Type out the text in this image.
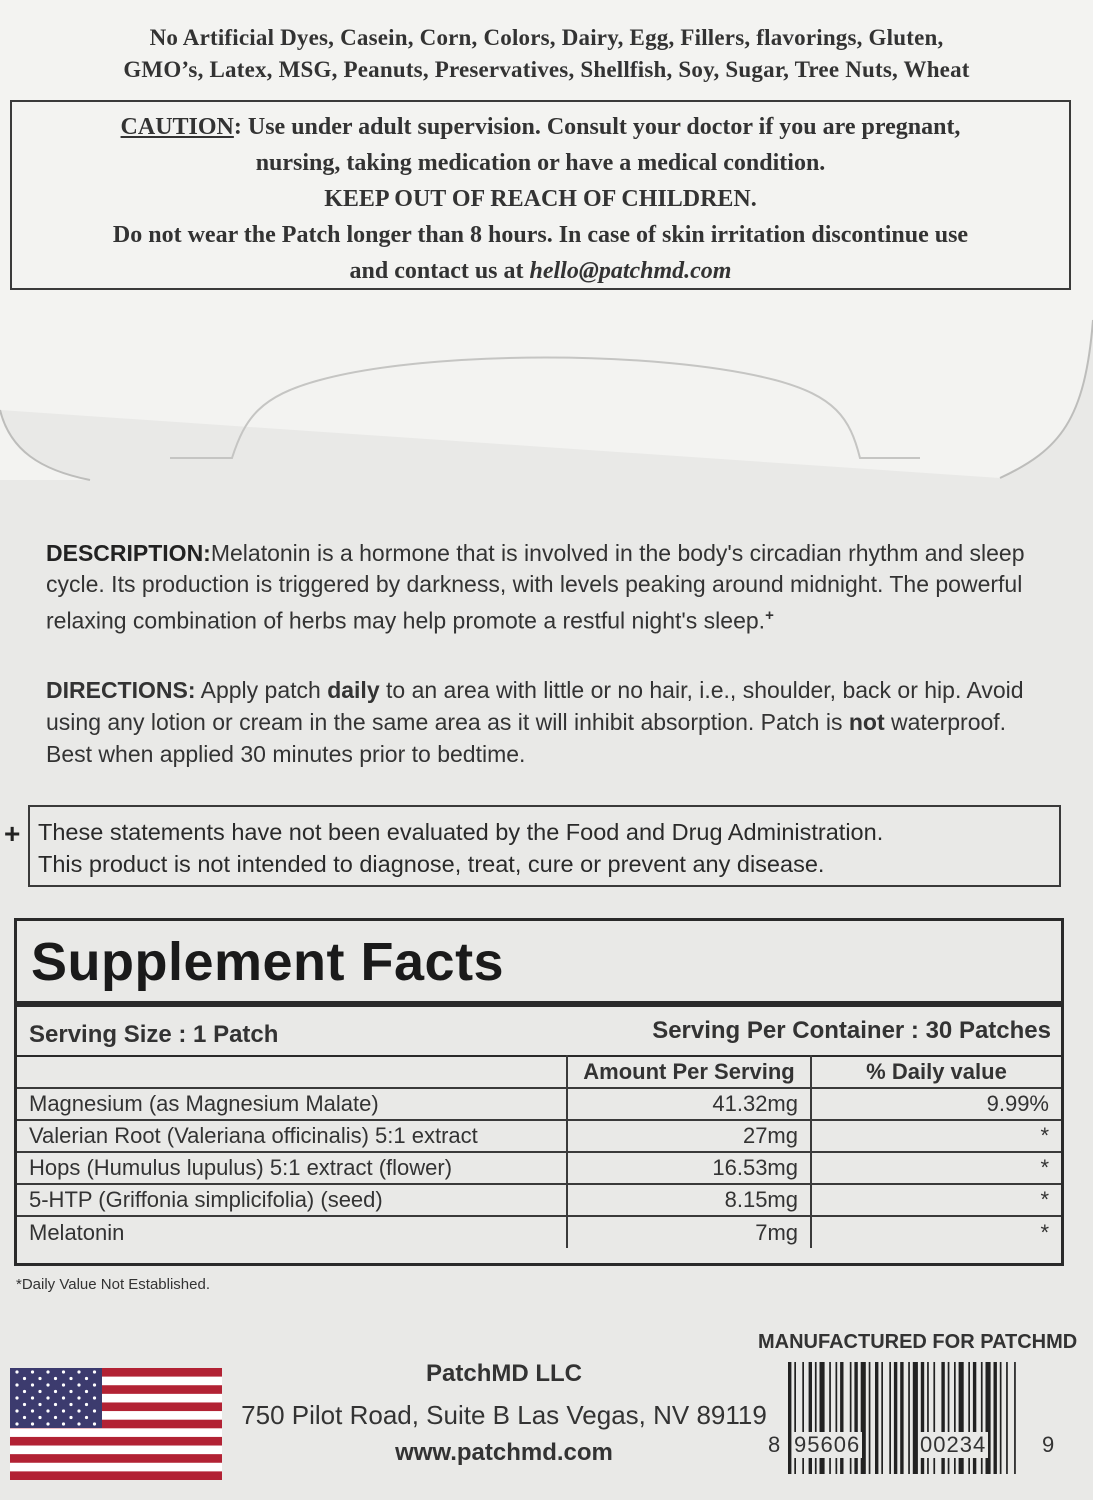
No Artificial Dyes, Casein, Corn, Colors, Dairy, Egg, Fillers, flavorings, Gluten,
GMO’s, Latex, MSG, Peanuts, Preservatives, Shellfish, Soy, Sugar, Tree Nuts, Wheat
CAUTION: Use under adult supervision. Consult your doctor if you are pregnant,
nursing, taking medication or have a medical condition.
KEEP OUT OF REACH OF CHILDREN.
Do not wear the Patch longer than 8 hours. In case of skin irritation discontinue use
and contact us at hello@patchmd.com
DESCRIPTION:Melatonin is a hormone that is involved in the body's circadian rhythm and sleep cycle. Its production is triggered by darkness, with levels peaking around midnight. The powerful relaxing combination of herbs may help promote a restful night's sleep.+
DIRECTIONS: Apply patch daily to an area with little or no hair, i.e., shoulder, back or hip. Avoid using any lotion or cream in the same area as it will inhibit absorption. Patch is not waterproof. Best when applied 30 minutes prior to bedtime.
+ These statements have not been evaluated by the Food and Drug Administration.
This product is not intended to diagnose, treat, cure or prevent any disease.
Supplement Facts
Serving Size : 1 Patch	Serving Per Container : 30 Patches
	Amount Per Serving	% Daily value
Magnesium (as Magnesium Malate)	41.32mg	9.99%
Valerian Root (Valeriana officinalis) 5:1 extract	27mg	*
Hops (Humulus lupulus) 5:1 extract (flower)	16.53mg	*
5-HTP (Griffonia simplicifolia) (seed)	8.15mg	*
Melatonin	7mg	*
*Daily Value Not Established.
PatchMD LLC
750 Pilot Road, Suite B Las Vegas, NV 89119
www.patchmd.com
MANUFACTURED FOR PATCHMD
8 95606	00234	9
